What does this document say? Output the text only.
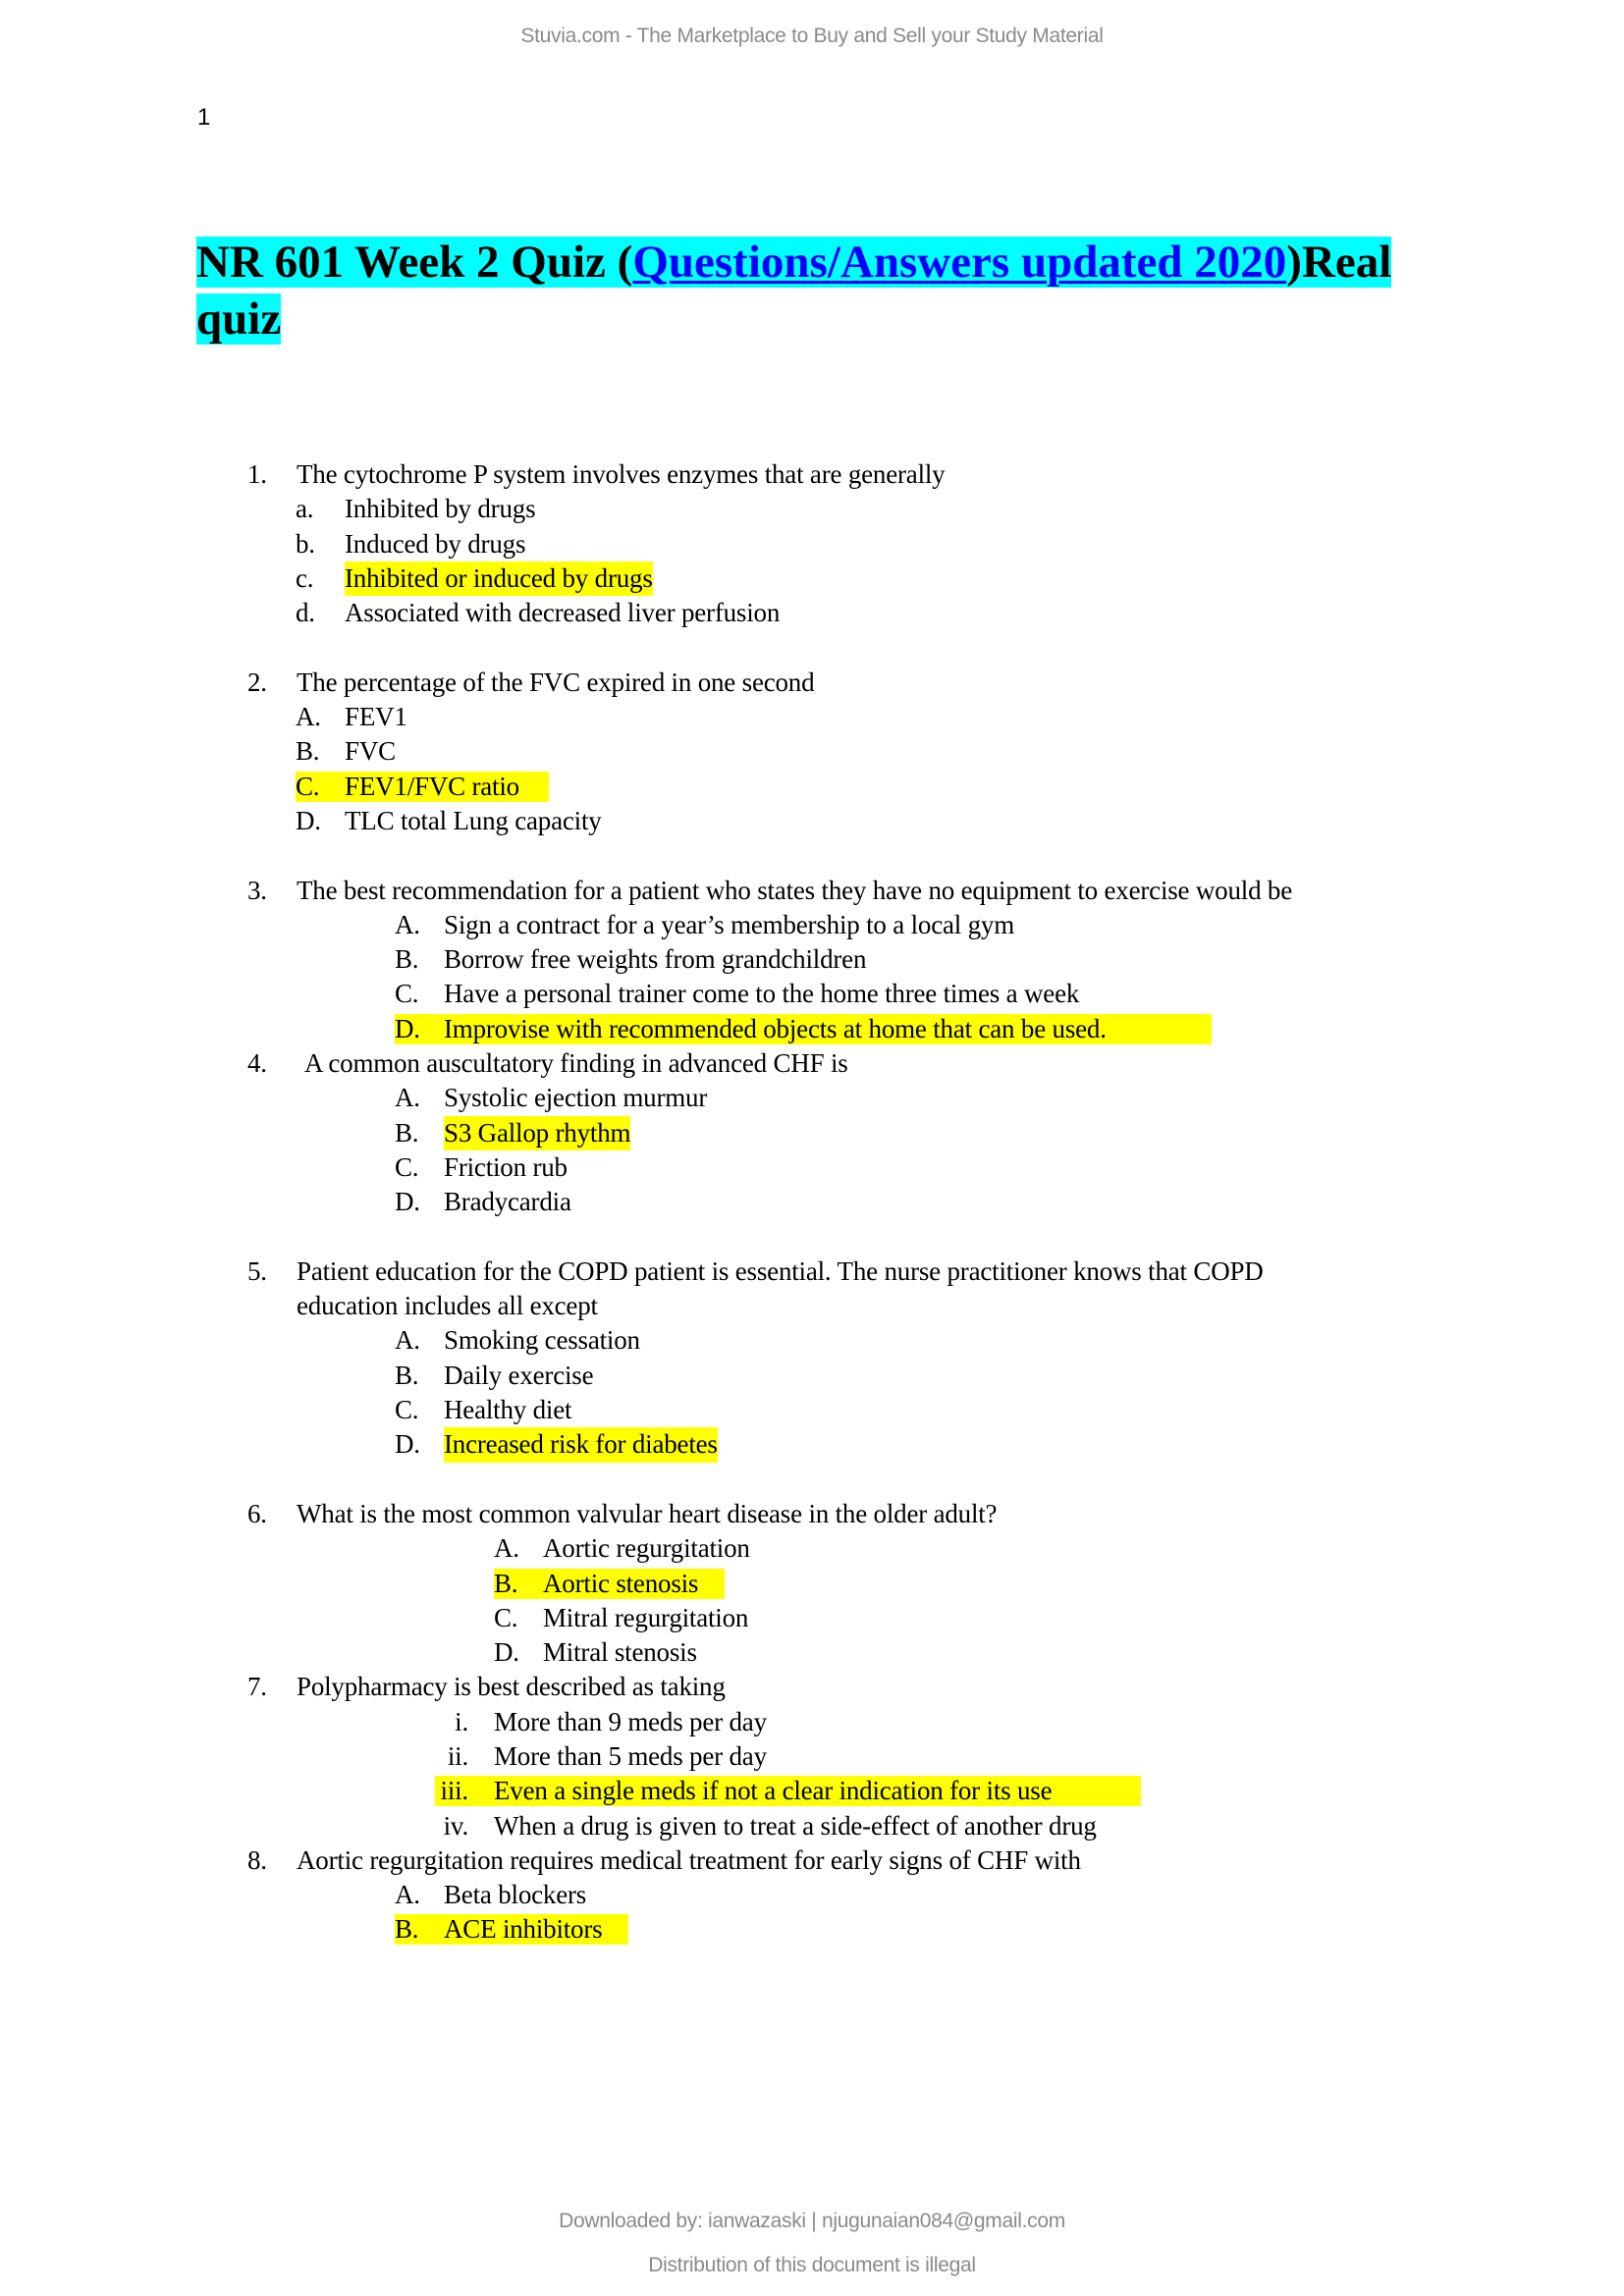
Stuvia.com - The Marketplace to Buy and Sell your Study Material
1
NR 601 Week 2 Quiz (Questions/Answers updated 2020)Real
quiz
1. The cytochrome P system involves enzymes that are generally
a. Inhibited by drugs
b. Induced by drugs
c. Inhibited or induced by drugs
d. Associated with decreased liver perfusion
2. The percentage of the FVC expired in one second
A. FEV1
B. FVC
C. FEV1/FVC ratio
D. TLC total Lung capacity
3. The best recommendation for a patient who states they have no equipment to exercise would be
A. Sign a contract for a year’s membership to a local gym
B. Borrow free weights from grandchildren
C. Have a personal trainer come to the home three times a week
D. Improvise with recommended objects at home that can be used.
4. A common auscultatory finding in advanced CHF is
A. Systolic ejection murmur
B. S3 Gallop rhythm
C. Friction rub
D. Bradycardia
5. Patient education for the COPD patient is essential. The nurse practitioner knows that COPD
education includes all except
A. Smoking cessation
B. Daily exercise
C. Healthy diet
D. Increased risk for diabetes
6. What is the most common valvular heart disease in the older adult?
A. Aortic regurgitation
B. Aortic stenosis
C. Mitral regurgitation
D. Mitral stenosis
7. Polypharmacy is best described as taking
i. More than 9 meds per day
ii. More than 5 meds per day
iii. Even a single meds if not a clear indication for its use
iv. When a drug is given to treat a side-effect of another drug
8. Aortic regurgitation requires medical treatment for early signs of CHF with
A. Beta blockers
B. ACE inhibitors
Downloaded by: ianwazaski | njugunaian084@gmail.com
Distribution of this document is illegal
